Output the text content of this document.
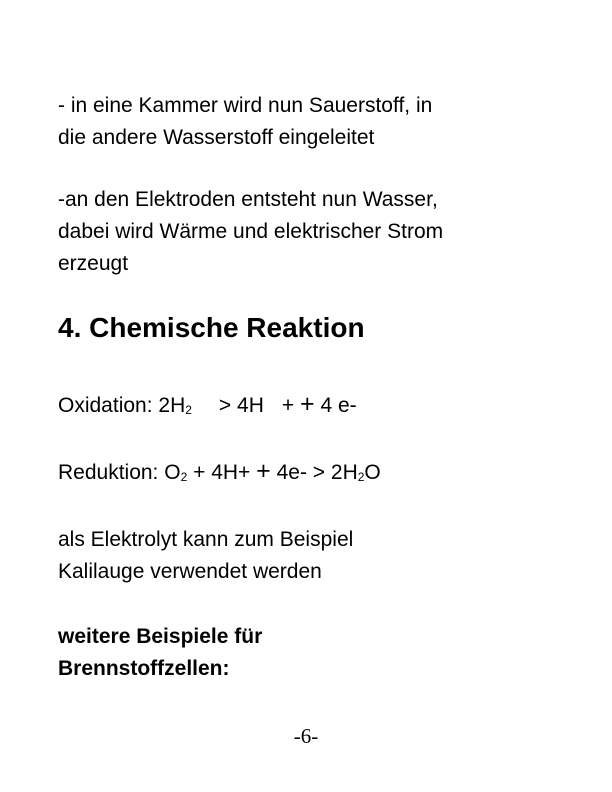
- in eine Kammer wird nun Sauerstoff, in
die andere Wasserstoff eingeleitet

-an den Elektroden entsteht nun Wasser,
dabei wird Wärme und elektrischer Strom
erzeugt

4. Chemische Reaktion
Oxidation: 2H2 > 4H + + 4 e-
Reduktion: O2 + 4H+ + 4e- > 2H2O

als Elektrolyt kann zum Beispiel
Kalilauge verwendet werden

weitere Beispiele für
Brennstoffzellen:

-6-
